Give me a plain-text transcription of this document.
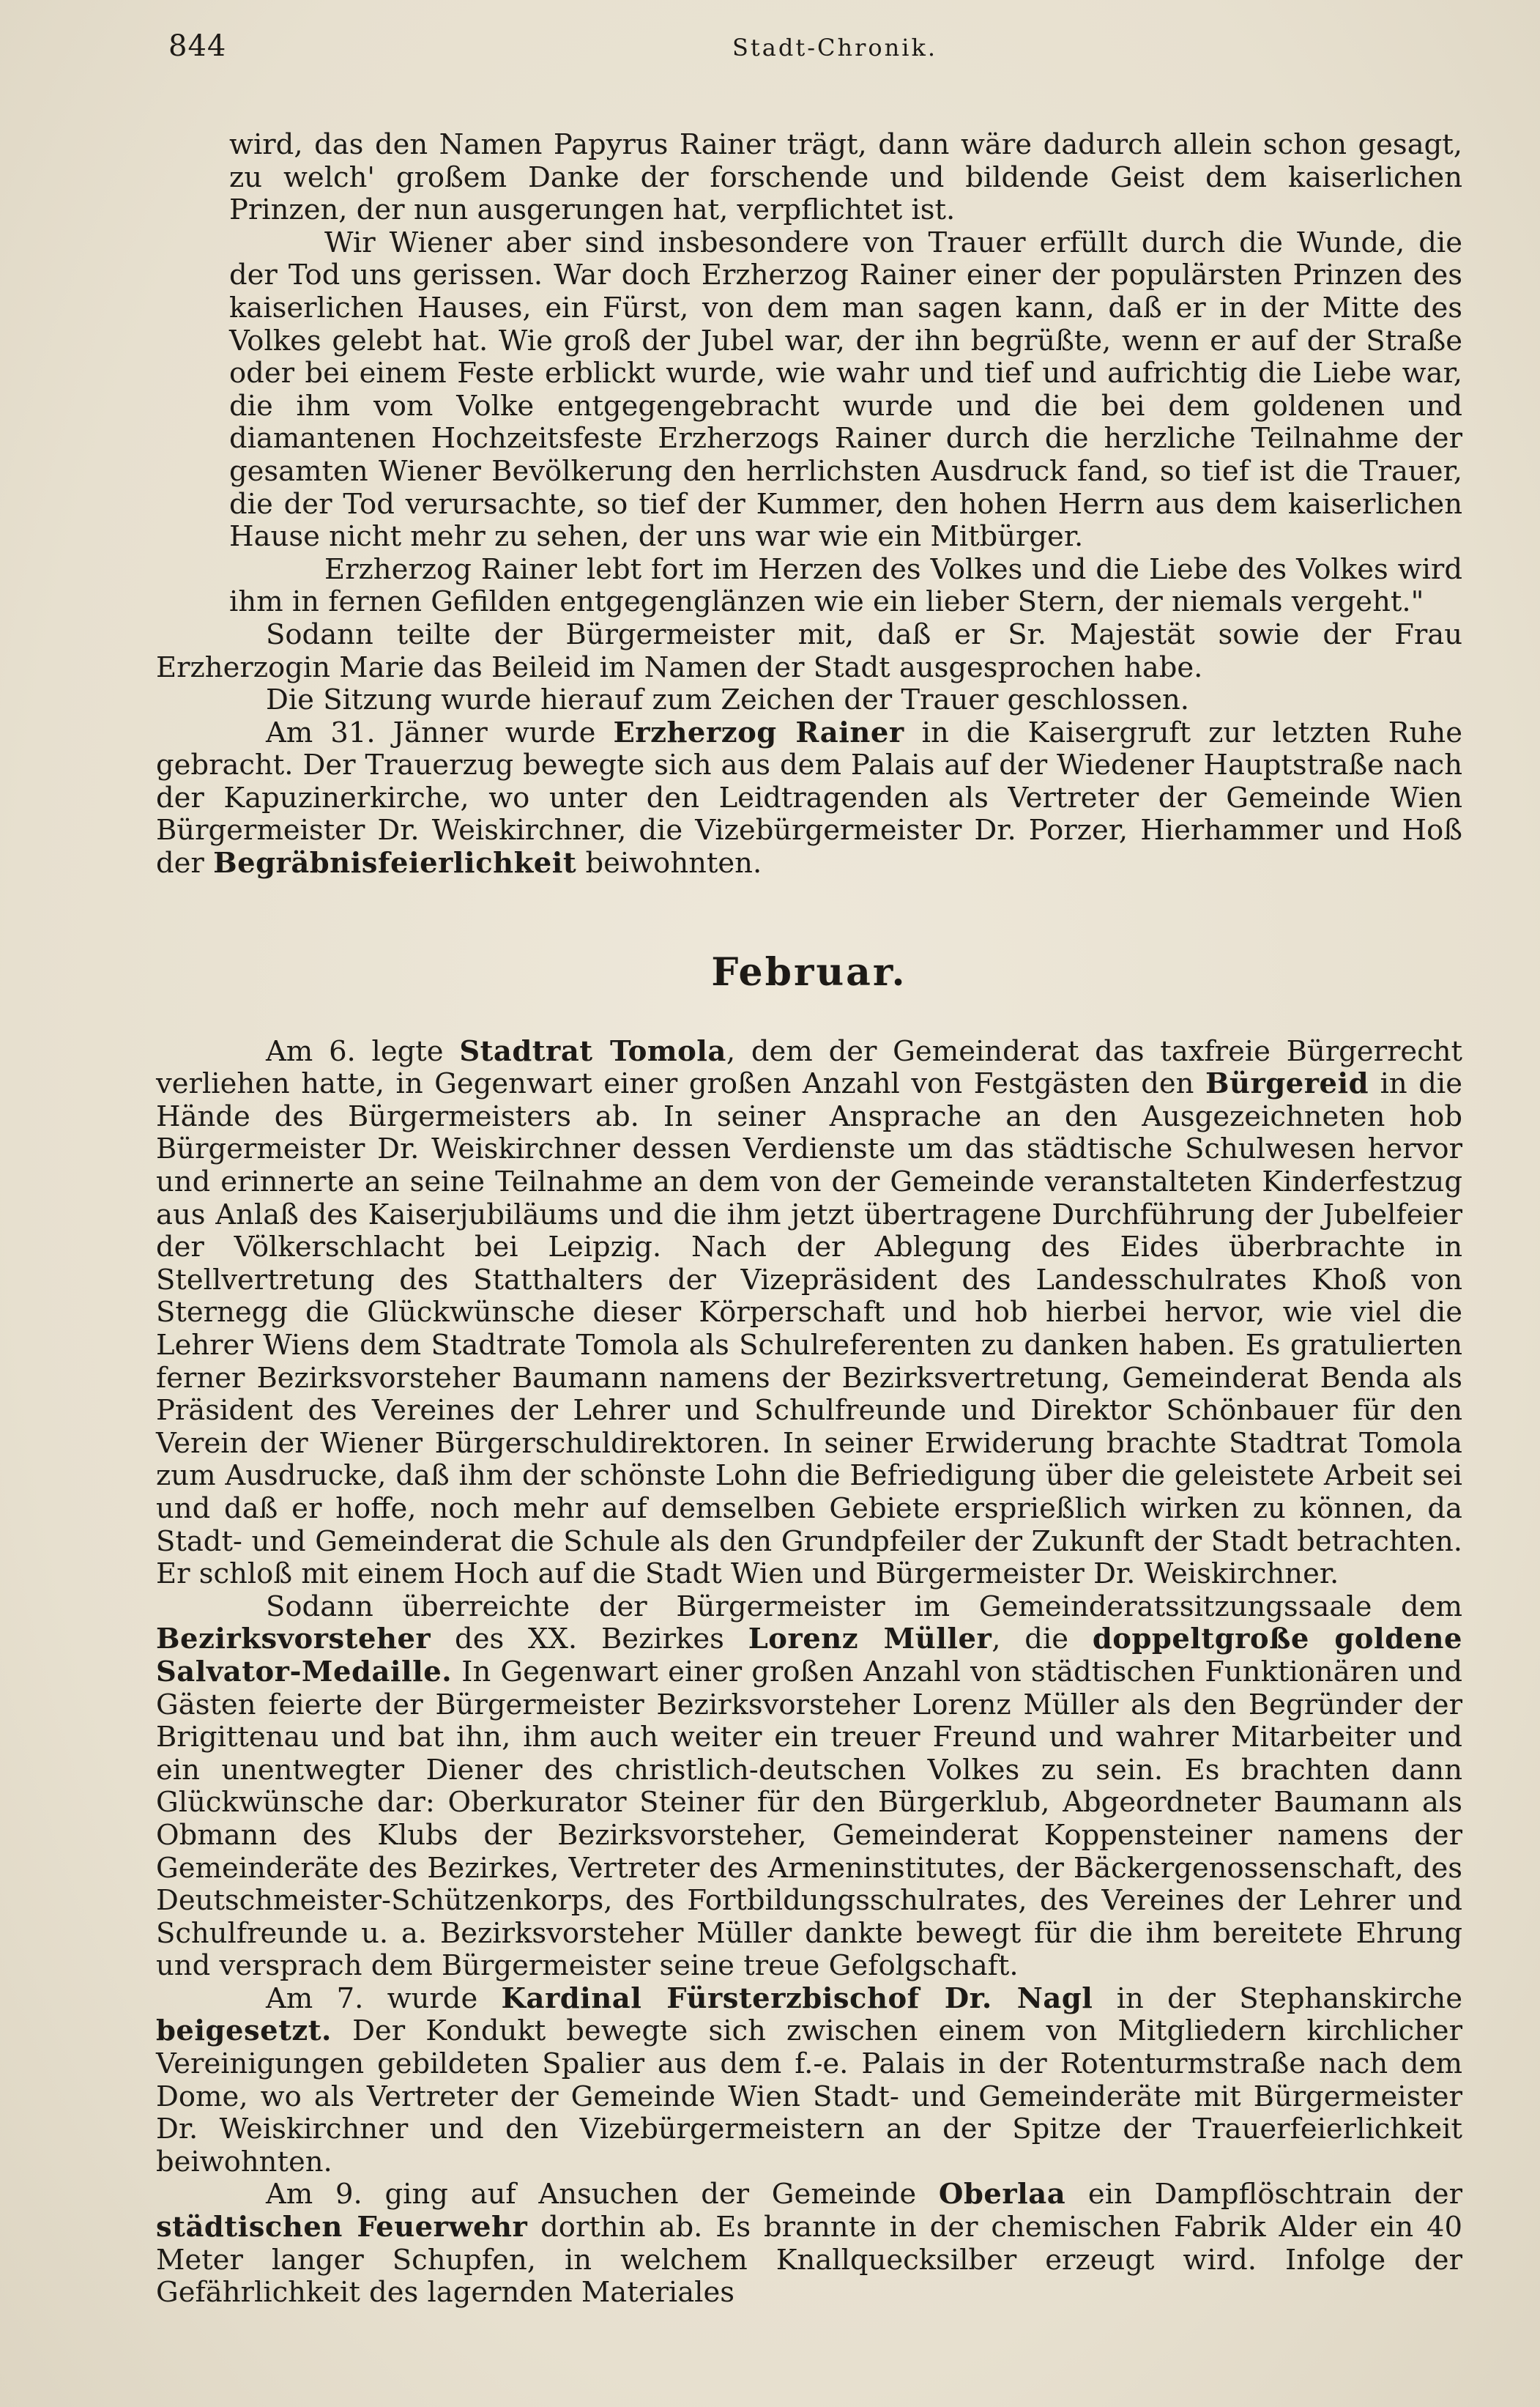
844	Stadt-Chronik.

wird, das den Namen Papyrus Rainer trägt, dann wäre dadurch allein schon gesagt, zu welch' großem Danke der forschende und bildende Geist dem kaiserlichen Prinzen, der nun ausgerungen hat, verpflichtet ist.

Wir Wiener aber sind insbesondere von Trauer erfüllt durch die Wunde, die der Tod uns gerissen. War doch Erzherzog Rainer einer der populärsten Prinzen des kaiserlichen Hauses, ein Fürst, von dem man sagen kann, daß er in der Mitte des Volkes gelebt hat. Wie groß der Jubel war, der ihn begrüßte, wenn er auf der Straße oder bei einem Feste erblickt wurde, wie wahr und tief und aufrichtig die Liebe war, die ihm vom Volke entgegengebracht wurde und die bei dem goldenen und diamantenen Hochzeitsfeste Erzherzogs Rainer durch die herzliche Teilnahme der gesamten Wiener Bevölkerung den herrlichsten Ausdruck fand, so tief ist die Trauer, die der Tod verursachte, so tief der Kummer, den hohen Herrn aus dem kaiserlichen Hause nicht mehr zu sehen, der uns war wie ein Mitbürger.

Erzherzog Rainer lebt fort im Herzen des Volkes und die Liebe des Volkes wird ihm in fernen Gefilden entgegenglänzen wie ein lieber Stern, der niemals vergeht."

Sodann teilte der Bürgermeister mit, daß er Sr. Majestät sowie der Frau Erzherzogin Marie das Beileid im Namen der Stadt ausgesprochen habe.

Die Sitzung wurde hierauf zum Zeichen der Trauer geschlossen.

Am 31. Jänner wurde Erzherzog Rainer in die Kaisergruft zur letzten Ruhe gebracht. Der Trauerzug bewegte sich aus dem Palais auf der Wiedener Hauptstraße nach der Kapuzinerkirche, wo unter den Leidtragenden als Vertreter der Gemeinde Wien Bürgermeister Dr. Weiskirchner, die Vizebürgermeister Dr. Porzer, Hierhammer und Hoß der Begräbnisfeierlichkeit beiwohnten.

Februar.

Am 6. legte Stadtrat Tomola, dem der Gemeinderat das taxfreie Bürgerrecht verliehen hatte, in Gegenwart einer großen Anzahl von Festgästen den Bürgereid in die Hände des Bürgermeisters ab. In seiner Ansprache an den Ausgezeichneten hob Bürgermeister Dr. Weiskirchner dessen Verdienste um das städtische Schulwesen hervor und erinnerte an seine Teilnahme an dem von der Gemeinde veranstalteten Kinderfestzug aus Anlaß des Kaiserjubiläums und die ihm jetzt übertragene Durchführung der Jubelfeier der Völkerschlacht bei Leipzig. Nach der Ablegung des Eides überbrachte in Stellvertretung des Statthalters der Vizepräsident des Landesschulrates Khoß von Sternegg die Glückwünsche dieser Körperschaft und hob hierbei hervor, wie viel die Lehrer Wiens dem Stadtrate Tomola als Schulreferenten zu danken haben. Es gratulierten ferner Bezirksvorsteher Baumann namens der Bezirksvertretung, Gemeinderat Benda als Präsident des Vereines der Lehrer und Schulfreunde und Direktor Schönbauer für den Verein der Wiener Bürgerschuldirektoren. In seiner Erwiderung brachte Stadtrat Tomola zum Ausdrucke, daß ihm der schönste Lohn die Befriedigung über die geleistete Arbeit sei und daß er hoffe, noch mehr auf demselben Gebiete ersprießlich wirken zu können, da Stadt- und Gemeinderat die Schule als den Grundpfeiler der Zukunft der Stadt betrachten. Er schloß mit einem Hoch auf die Stadt Wien und Bürgermeister Dr. Weiskirchner.

Sodann überreichte der Bürgermeister im Gemeinderatssitzungssaale dem Bezirksvorsteher des XX. Bezirkes Lorenz Müller, die doppeltgroße goldene Salvator-Medaille. In Gegenwart einer großen Anzahl von städtischen Funktionären und Gästen feierte der Bürgermeister Bezirksvorsteher Lorenz Müller als den Begründer der Brigittenau und bat ihn, ihm auch weiter ein treuer Freund und wahrer Mitarbeiter und ein unentwegter Diener des christlich-deutschen Volkes zu sein. Es brachten dann Glückwünsche dar: Oberkurator Steiner für den Bürgerklub, Abgeordneter Baumann als Obmann des Klubs der Bezirksvorsteher, Gemeinderat Koppensteiner namens der Gemeinderäte des Bezirkes, Vertreter des Armeninstitutes, der Bäckergenossenschaft, des Deutschmeister-Schützenkorps, des Fortbildungsschulrates, des Vereines der Lehrer und Schulfreunde u. a. Bezirksvorsteher Müller dankte bewegt für die ihm bereitete Ehrung und versprach dem Bürgermeister seine treue Gefolgschaft.

Am 7. wurde Kardinal Fürsterzbischof Dr. Nagl in der Stephanskirche beigesetzt. Der Kondukt bewegte sich zwischen einem von Mitgliedern kirchlicher Vereinigungen gebildeten Spalier aus dem f.-e. Palais in der Rotenturmstraße nach dem Dome, wo als Vertreter der Gemeinde Wien Stadt- und Gemeinderäte mit Bürgermeister Dr. Weiskirchner und den Vizebürgermeistern an der Spitze der Trauerfeierlichkeit beiwohnten.

Am 9. ging auf Ansuchen der Gemeinde Oberlaa ein Dampflöschtrain der städtischen Feuerwehr dorthin ab. Es brannte in der chemischen Fabrik Alder ein 40 Meter langer Schupfen, in welchem Knallquecksilber erzeugt wird. Infolge der Gefährlichkeit des lagernden Materiales
